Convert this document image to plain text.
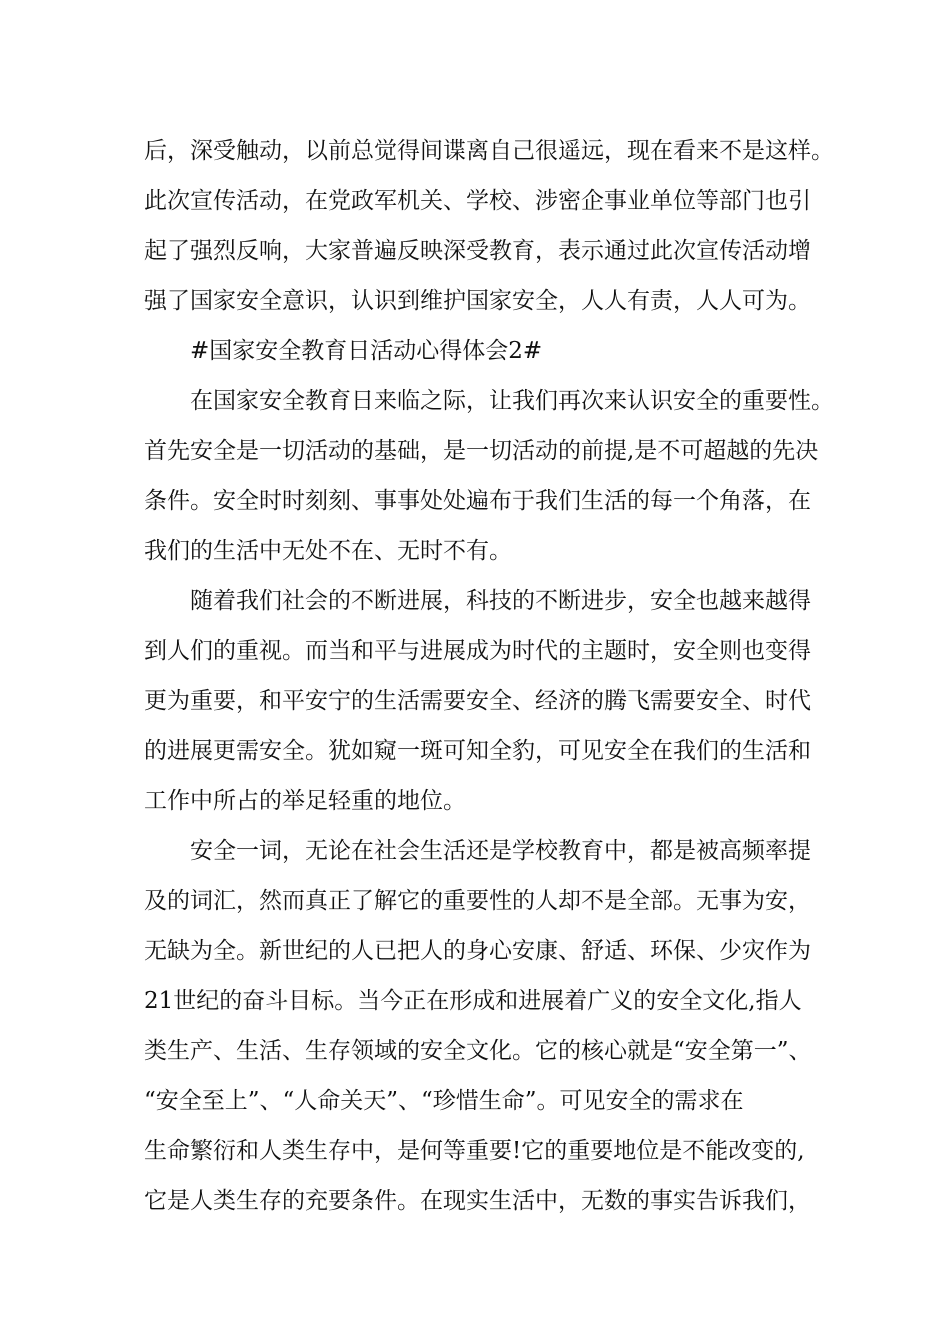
后，深受触动，以前总觉得间谍离自己很遥远，现在看来不是这样。
此次宣传活动，在党政军机关、学校、涉密企事业单位等部门也引
起了强烈反响，大家普遍反映深受教育，表示通过此次宣传活动增
强了国家安全意识，认识到维护国家安全，人人有责，人人可为。
#国家安全教育日活动心得体会2#
在国家安全教育日来临之际，让我们再次来认识安全的重要性。
首先安全是一切活动的基础，是一切活动的前提,是不可超越的先决
条件。安全时时刻刻、事事处处遍布于我们生活的每一个角落，在
我们的生活中无处不在、无时不有。
随着我们社会的不断进展，科技的不断进步，安全也越来越得
到人们的重视。而当和平与进展成为时代的主题时，安全则也变得
更为重要，和平安宁的生活需要安全、经济的腾飞需要安全、时代
的进展更需安全。犹如窥一斑可知全豹，可见安全在我们的生活和
工作中所占的举足轻重的地位。
安全一词，无论在社会生活还是学校教育中，都是被高频率提
及的词汇，然而真正了解它的重要性的人却不是全部。无事为安，
无缺为全。新世纪的人已把人的身心安康、舒适、环保、少灾作为
21世纪的奋斗目标。当今正在形成和进展着广义的安全文化,指人
类生产、生活、生存领域的安全文化。它的核心就是“安全第一”、
“安全至上”、“人命关天”、“珍惜生命”。可见安全的需求在
生命繁衍和人类生存中，是何等重要!它的重要地位是不能改变的,
它是人类生存的充要条件。在现实生活中，无数的事实告诉我们，
